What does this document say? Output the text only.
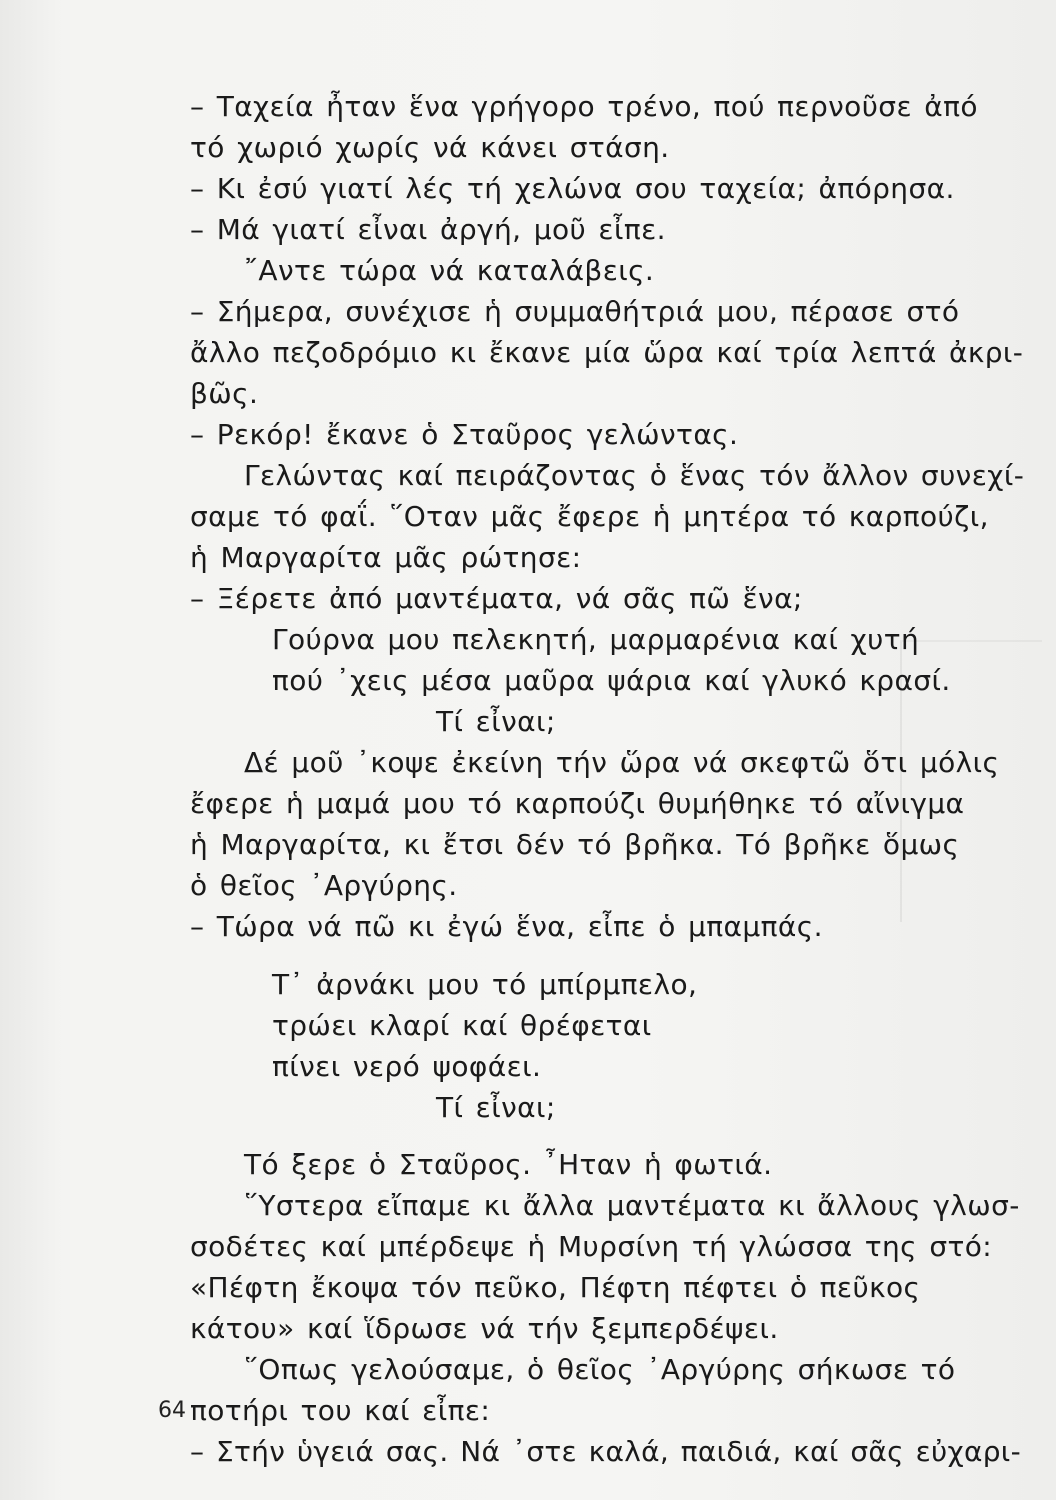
– Ταχεία ἦταν ἕνα γρήγορο τρένο, πού περνοῦσε ἀπό
τό χωριό χωρίς νά κάνει στάση.
– Κι ἐσύ γιατί λές τή χελώνα σου ταχεία; ἀπόρησα.
– Μά γιατί εἶναι ἀργή, μοῦ εἶπε.
῎Αντε τώρα νά καταλάβεις.
– Σήμερα, συνέχισε ἡ συμμαθήτριά μου, πέρασε στό
ἄλλο πεζοδρόμιο κι ἔκανε μία ὥρα καί τρία λεπτά ἀκρι-
βῶς.
– Ρεκόρ! ἔκανε ὁ Σταῦρος γελώντας.
Γελώντας καί πειράζοντας ὁ ἕνας τόν ἄλλον συνεχί-
σαμε τό φαΐ. ῞Οταν μᾶς ἔφερε ἡ μητέρα τό καρπούζι,
ἡ Μαργαρίτα μᾶς ρώτησε:
– Ξέρετε ἀπό μαντέματα, νά σᾶς πῶ ἕνα;
Γούρνα μου πελεκητή, μαρμαρένια καί χυτή
πού ᾽χεις μέσα μαῦρα ψάρια καί γλυκό κρασί.
Τί εἶναι;
Δέ μοῦ ᾽κοψε ἐκείνη τήν ὥρα νά σκεφτῶ ὅτι μόλις
ἔφερε ἡ μαμά μου τό καρπούζι θυμήθηκε τό αἴνιγμα
ἡ Μαργαρίτα, κι ἔτσι δέν τό βρῆκα. Τό βρῆκε ὅμως
ὁ θεῖος ᾽Αργύρης.
– Τώρα νά πῶ κι ἐγώ ἕνα, εἶπε ὁ μπαμπάς.
Τ᾽ ἀρνάκι μου τό μπίρμπελο,
τρώει κλαρί καί θρέφεται
πίνει νερό ψοφάει.
Τί εἶναι;
Τό ξερε ὁ Σταῦρος. ῏Ηταν ἡ φωτιά.
῞Υστερα εἴπαμε κι ἄλλα μαντέματα κι ἄλλους γλωσ-
σοδέτες καί μπέρδεψε ἡ Μυρσίνη τή γλώσσα της στό:
«Πέφτη ἔκοψα τόν πεῦκο, Πέφτη πέφτει ὁ πεῦκος
κάτου» καί ἵδρωσε νά τήν ξεμπερδέψει.
῞Οπως γελούσαμε, ὁ θεῖος ᾽Αργύρης σήκωσε τό
ποτήρι του καί εἶπε:
– Στήν ὑγειά σας. Νά ᾽στε καλά, παιδιά, καί σᾶς εὐχαρι-
64
